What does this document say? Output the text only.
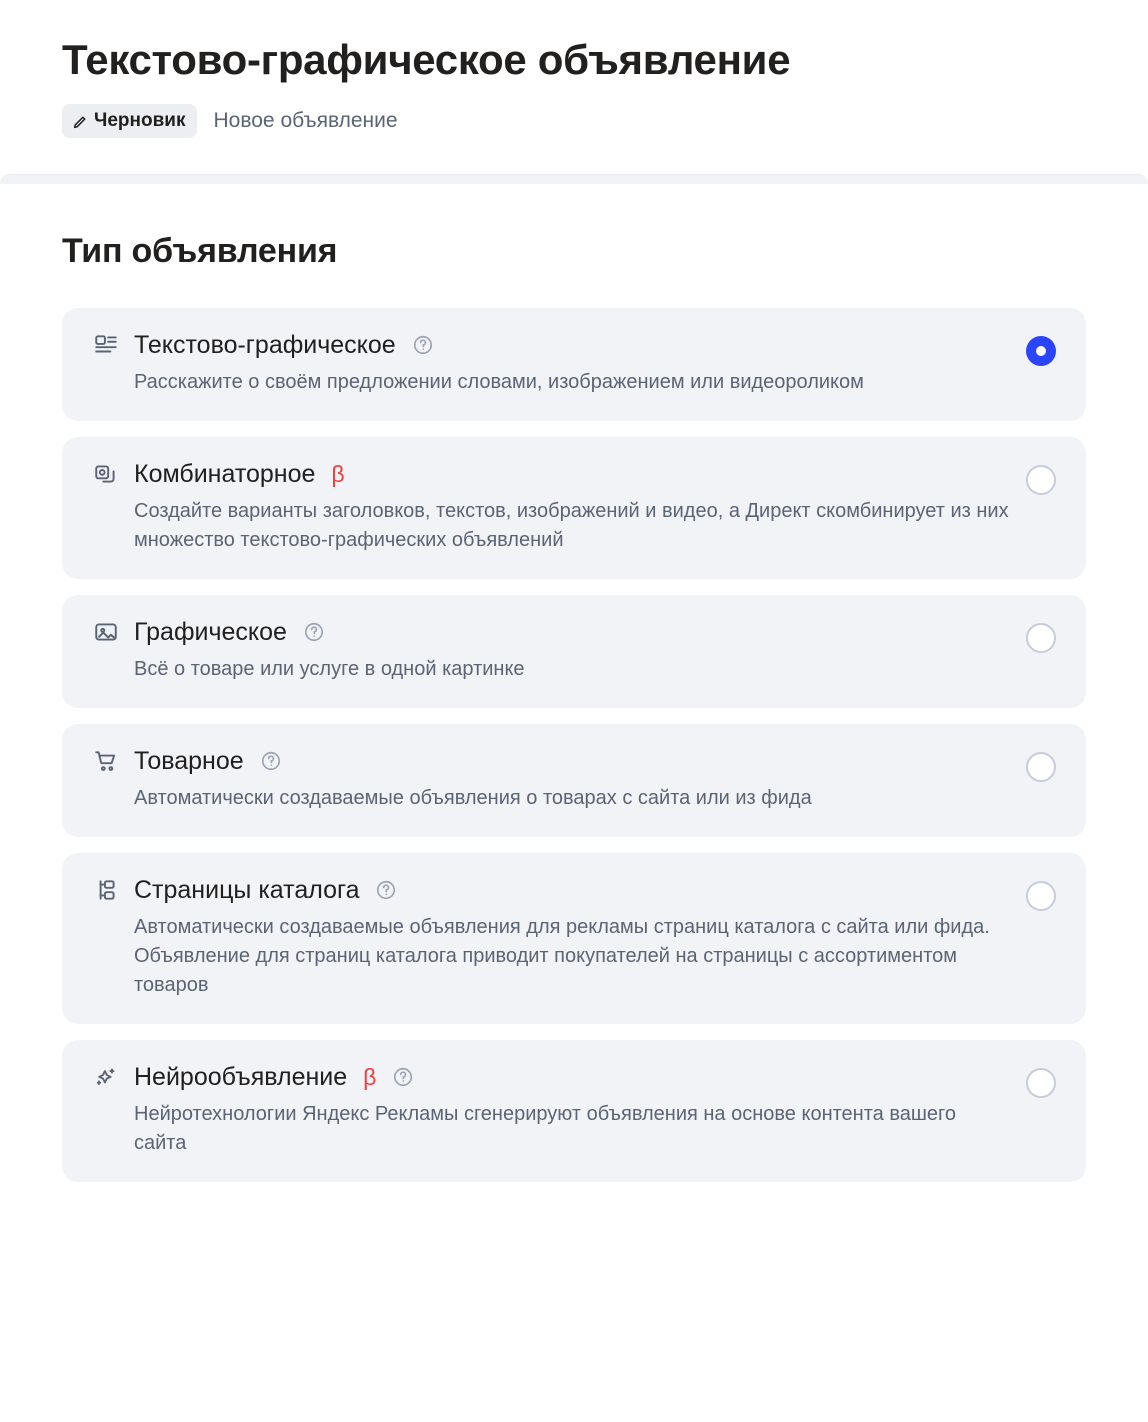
Текстово-графическое объявление
Черновик Новое объявление
Тип объявления
Текстово-графическое
Расскажите о своём предложении словами, изображением или видеороликом
Комбинаторное β
Создайте варианты заголовков, текстов, изображений и видео, а Директ скомбинирует из них множество текстово-графических объявлений
Графическое
Всё о товаре или услуге в одной картинке
Товарное
Автоматически создаваемые объявления о товарах с сайта или из фида
Страницы каталога
Автоматически создаваемые объявления для рекламы страниц каталога с сайта или фида. Объявление для страниц каталога приводит покупателей на страницы с ассортиментом товаров
Нейрообъявление β
Нейротехнологии Яндекс Рекламы сгенерируют объявления на основе контента вашего сайта
